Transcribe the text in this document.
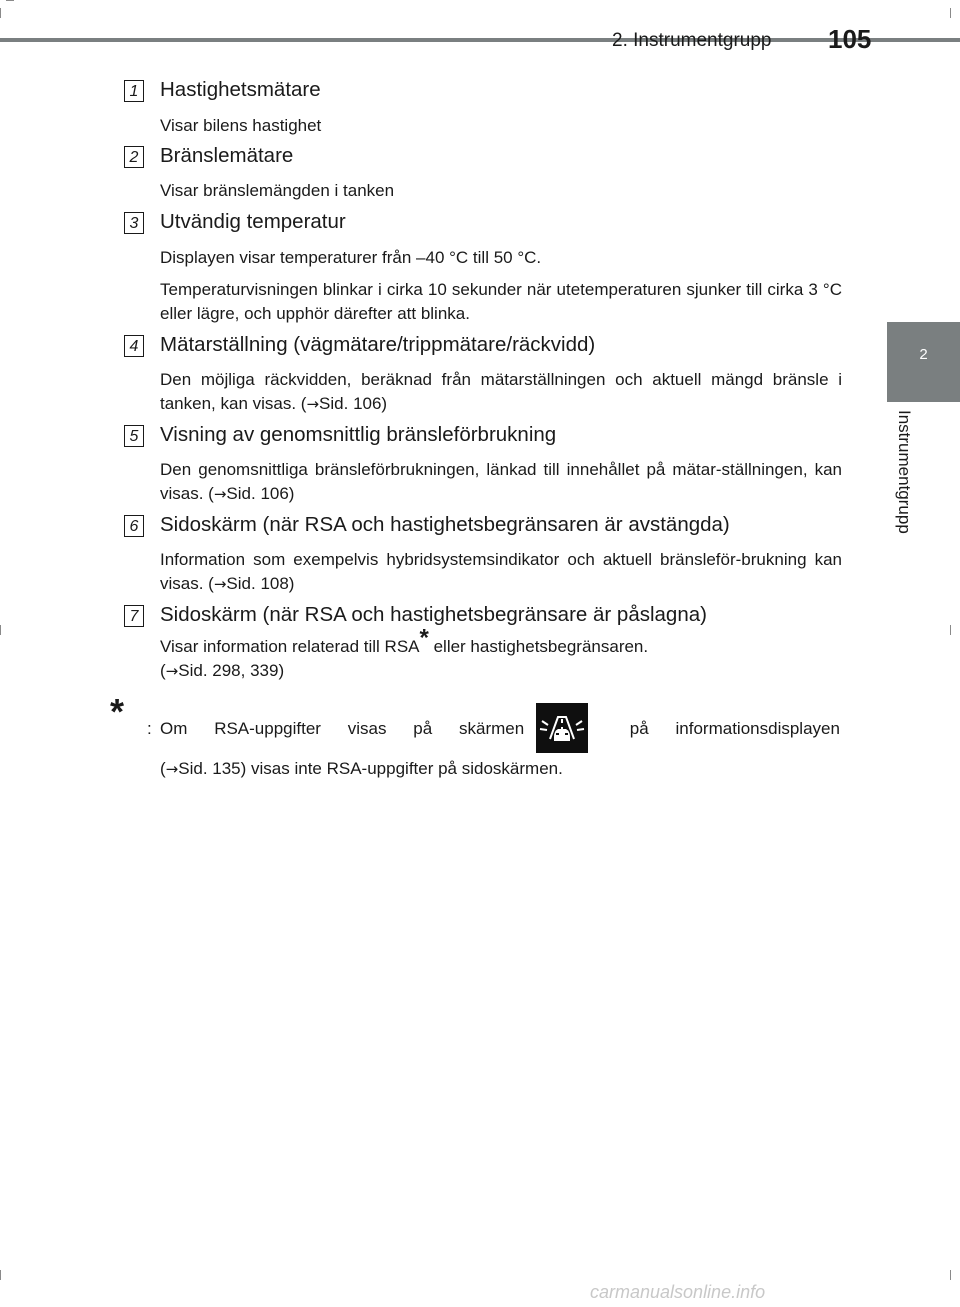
2. Instrumentgrupp 105
2
Instrumentgrupp
1 Hastighetsmätare
Visar bilens hastighet
2 Bränslemätare
Visar bränslemängden i tanken
3 Utvändig temperatur
Displayen visar temperaturer från –40 °C till 50 °C.
Temperaturvisningen blinkar i cirka 10 sekunder när utetemperaturen sjunker till cirka 3 °C eller lägre, och upphör därefter att blinka.
4 Mätarställning (vägmätare/trippmätare/räckvidd)
Den möjliga räckvidden, beräknad från mätarställningen och aktuell mängd bränsle i tanken, kan visas. (→Sid. 106)
5 Visning av genomsnittlig bränsleförbrukning
Den genomsnittliga bränsleförbrukningen, länkad till innehållet på mätar-ställningen, kan visas. (→Sid. 106)
6 Sidoskärm (när RSA och hastighetsbegränsaren är avstängda)
Information som exempelvis hybridsystemsindikator och aktuell bränsleför-brukning kan visas. (→Sid. 108)
7 Sidoskärm (när RSA och hastighetsbegränsare är påslagna)
Visar information relaterad till RSA* eller hastighetsbegränsaren.
(→Sid. 298, 339)
* : Om RSA-uppgifter visas på skärmen	på informationsdisplayen
(→Sid. 135) visas inte RSA-uppgifter på sidoskärmen.
carmanualsonline.info
